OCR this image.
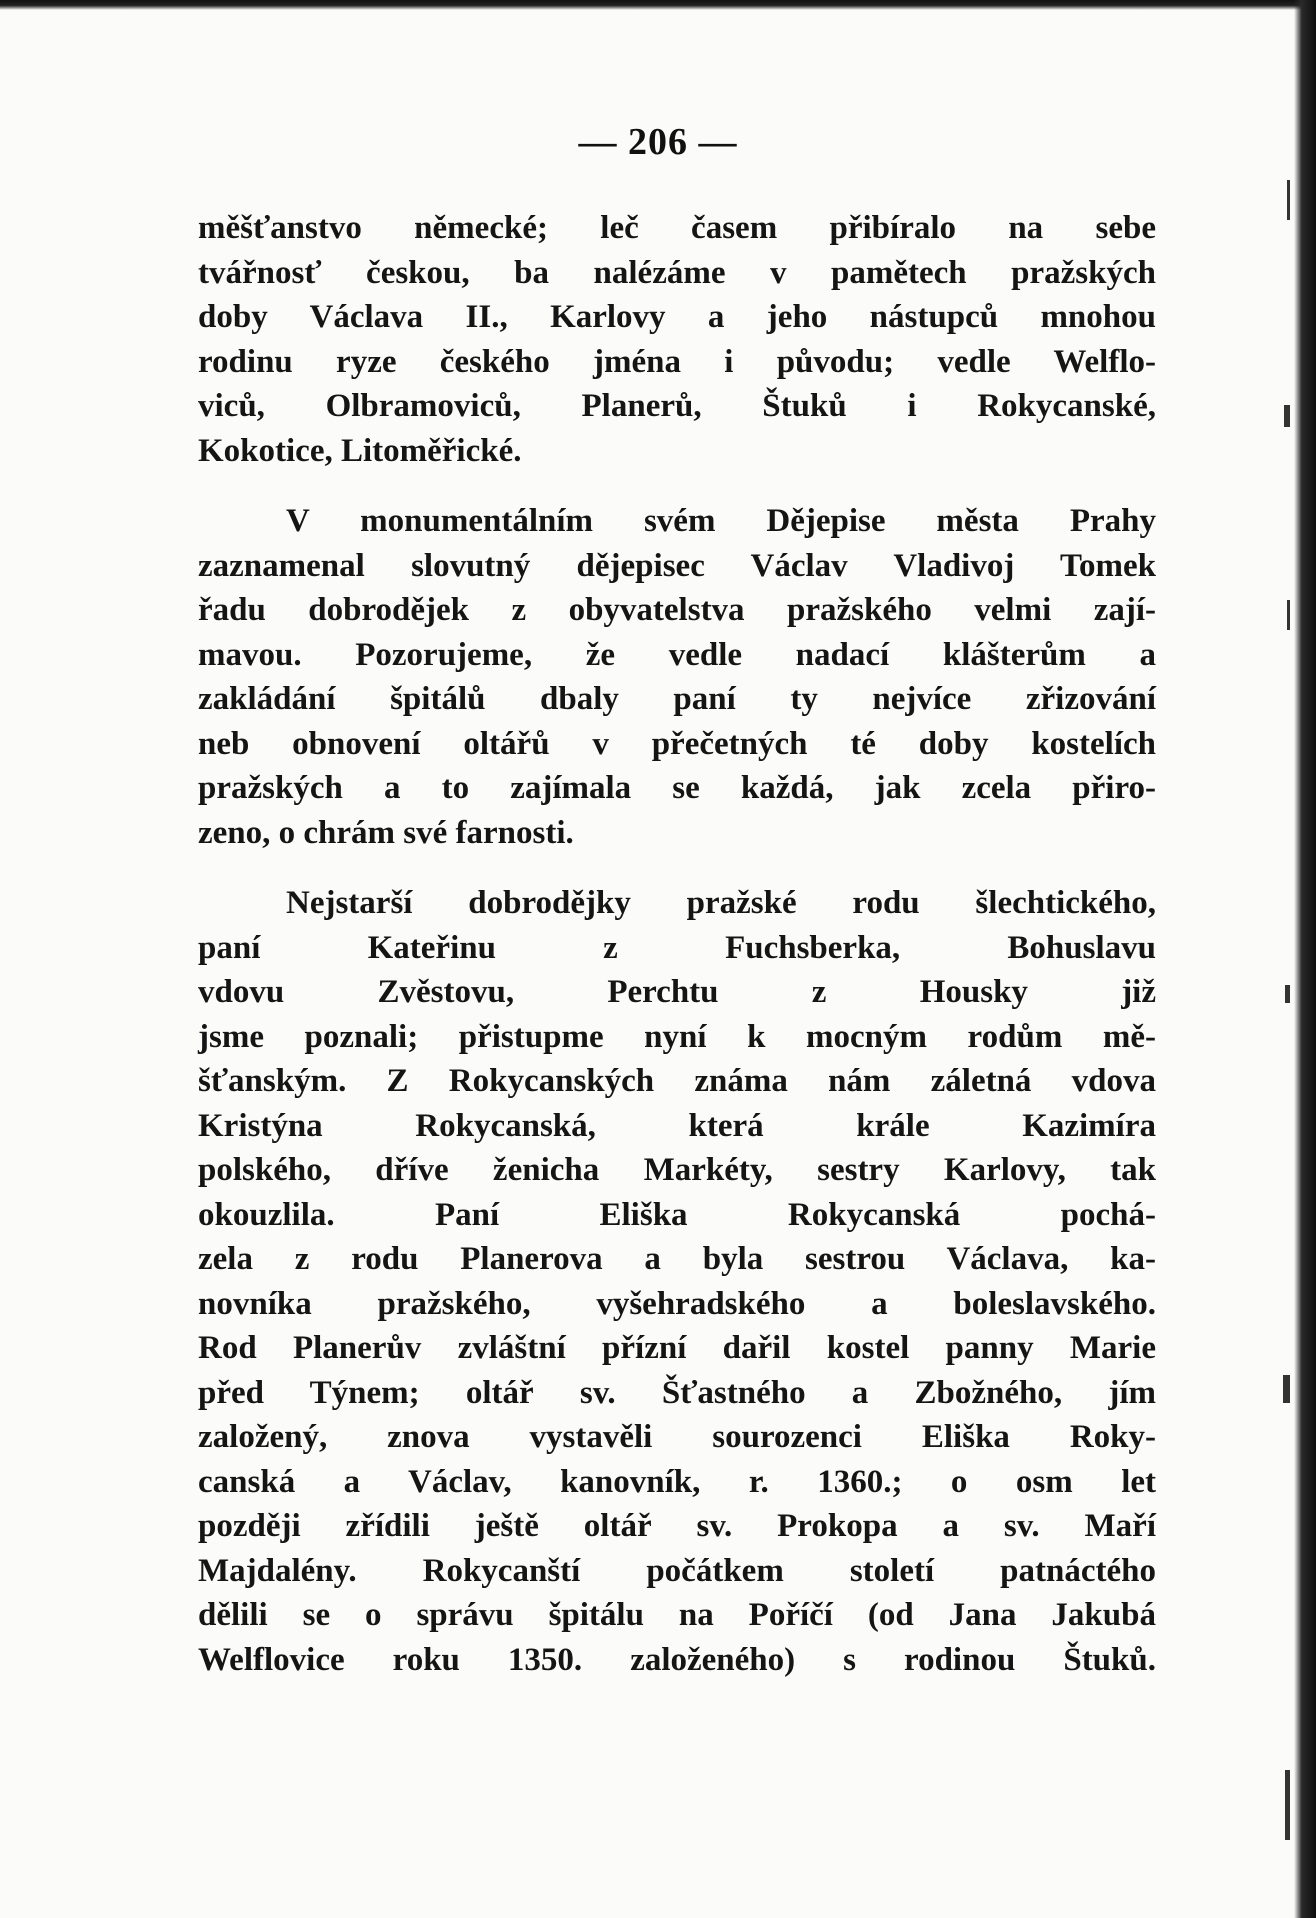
— 206 —
měšťanstvo německé; leč časem přibíralo na sebe
tvářnosť českou, ba nalézáme v pamětech pražských
doby Václava II., Karlovy a jeho nástupců mnohou
rodinu ryze českého jména i původu; vedle Welflo-
viců, Olbramoviců, Planerů, Štuků i Rokycanské,
Kokotice, Litoměřické.
V monumentálním svém Dějepise města Prahy
zaznamenal slovutný dějepisec Václav Vladivoj Tomek
řadu dobrodějek z obyvatelstva pražského velmi zají-
mavou. Pozorujeme, že vedle nadací klášterům a
zakládání špitálů dbaly paní ty nejvíce zřizování
neb obnovení oltářů v přečetných té doby kostelích
pražských a to zajímala se každá, jak zcela přiro-
zeno, o chrám své farnosti.
Nejstarší dobrodějky pražské rodu šlechtického,
paní Kateřinu z Fuchsberka, Bohuslavu
vdovu Zvěstovu, Perchtu z Housky již
jsme poznali; přistupme nyní k mocným rodům mě-
šťanským. Z Rokycanských známa nám záletná vdova
Kristýna Rokycanská, která krále Kazimíra
polského, dříve ženicha Markéty, sestry Karlovy, tak
okouzlila. Paní Eliška Rokycanská pochá-
zela z rodu Planerova a byla sestrou Václava, ka-
novníka pražského, vyšehradského a boleslavského.
Rod Planerův zvláštní přízní dařil kostel panny Marie
před Týnem; oltář sv. Šťastného a Zbožného, jím
založený, znova vystavěli sourozenci Eliška Roky-
canská a Václav, kanovník, r. 1360.; o osm let
později zřídili ještě oltář sv. Prokopa a sv. Maří
Majdalény. Rokycanští počátkem století patnáctého
dělili se o správu špitálu na Poříčí (od Jana Jakubá
Welflovice roku 1350. založeného) s rodinou Štuků.
